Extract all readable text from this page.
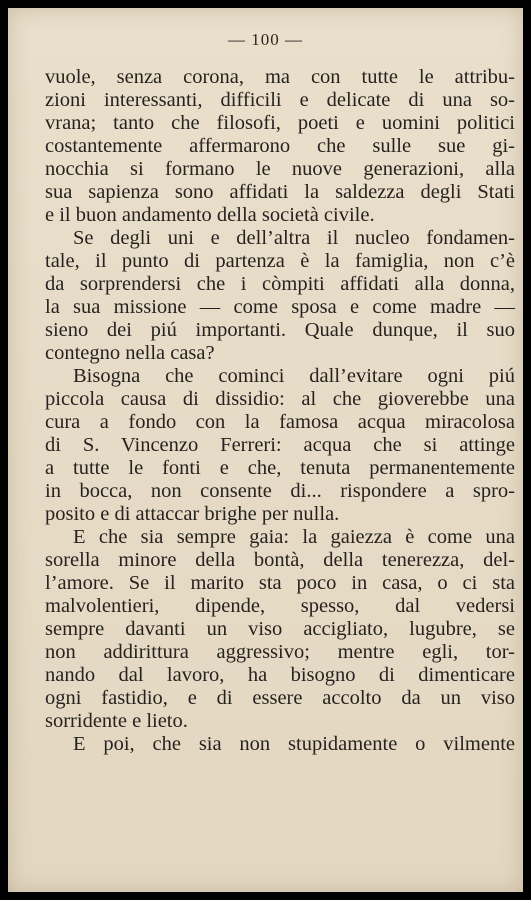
— 100 —
vuole, senza corona, ma con tutte le attribu-
zioni interessanti, difficili e delicate di una so-
vrana; tanto che filosofi, poeti e uomini politici
costantemente affermarono che sulle sue gi-
nocchia si formano le nuove generazioni, alla
sua sapienza sono affidati la saldezza degli Stati
e il buon andamento della società civile.
Se degli uni e dell’altra il nucleo fondamen-
tale, il punto di partenza è la famiglia, non c’è
da sorprendersi che i còmpiti affidati alla donna,
la sua missione — come sposa e come madre —
sieno dei piú importanti. Quale dunque, il suo
contegno nella casa?
Bisogna che cominci dall’evitare ogni piú
piccola causa di dissidio: al che gioverebbe una
cura a fondo con la famosa acqua miracolosa
di S. Vincenzo Ferreri: acqua che si attinge
a tutte le fonti e che, tenuta permanentemente
in bocca, non consente di... rispondere a spro-
posito e di attaccar brighe per nulla.
E che sia sempre gaia: la gaiezza è come una
sorella minore della bontà, della tenerezza, del-
l’amore. Se il marito sta poco in casa, o ci sta
malvolentieri, dipende, spesso, dal vedersi
sempre davanti un viso accigliato, lugubre, se
non addirittura aggressivo; mentre egli, tor-
nando dal lavoro, ha bisogno di dimenticare
ogni fastidio, e di essere accolto da un viso
sorridente e lieto.
E poi, che sia non stupidamente o vilmente
